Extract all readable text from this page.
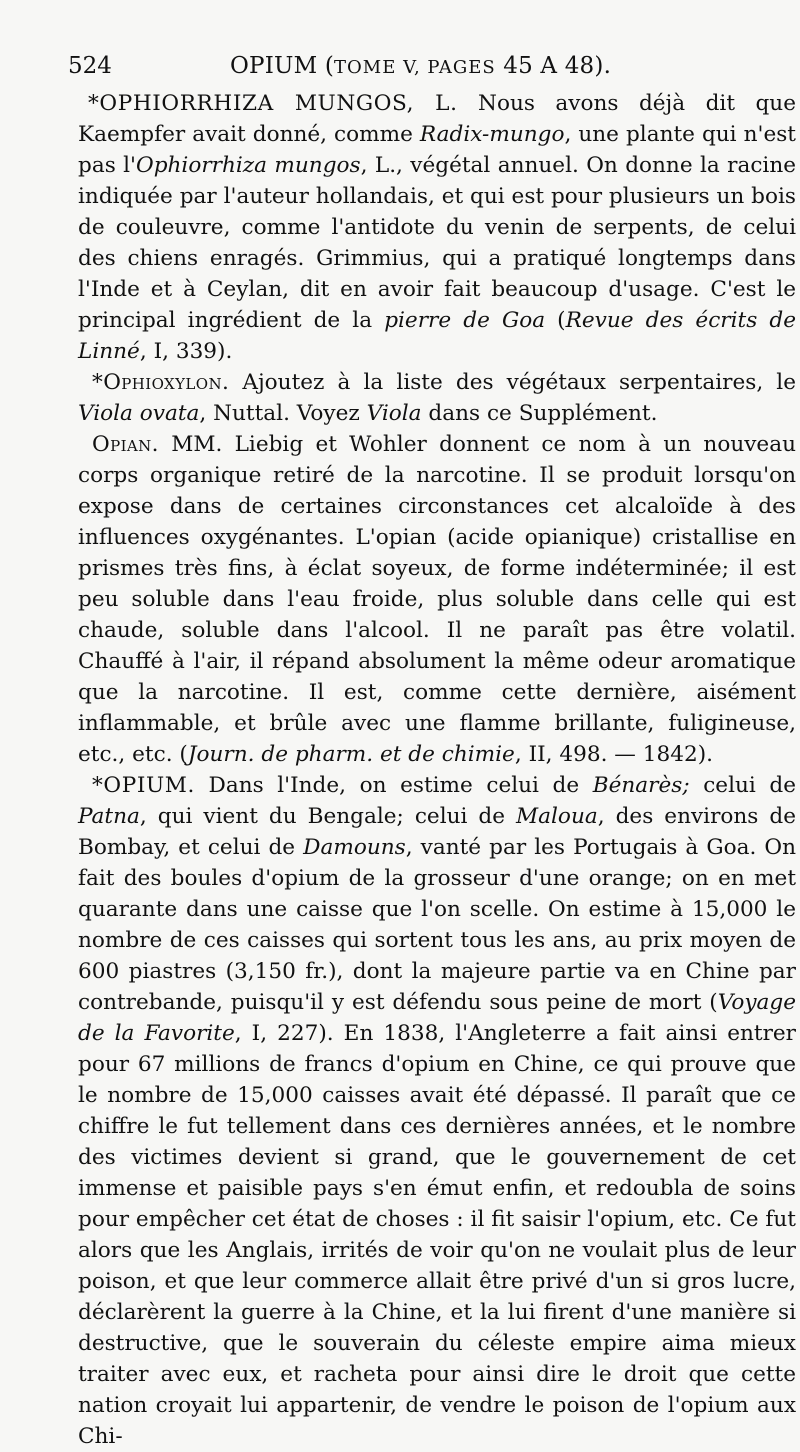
524	OPIUM (TOME V, PAGES 45 A 48).

*OPHIORRHIZA MUNGOS, L. Nous avons déjà dit que Kaempfer avait donné, comme Radix-mungo, une plante qui n'est pas l'Ophiorrhiza mungos, L., végétal annuel. On donne la racine indiquée par l'auteur hollandais, et qui est pour plusieurs un bois de couleuvre, comme l'antidote du venin de serpents, de celui des chiens enragés. Grimmius, qui a pratiqué longtemps dans l'Inde et à Ceylan, dit en avoir fait beaucoup d'usage. C'est le principal ingrédient de la pierre de Goa (Revue des écrits de Linné, I, 339).

*Ophioxylon. Ajoutez à la liste des végétaux serpentaires, le Viola ovata, Nuttal. Voyez Viola dans ce Supplément.

Opian. MM. Liebig et Wohler donnent ce nom à un nouveau corps organique retiré de la narcotine. Il se produit lorsqu'on expose dans de certaines circonstances cet alcaloïde à des influences oxygénantes. L'opian (acide opianique) cristallise en prismes très fins, à éclat soyeux, de forme indéterminée; il est peu soluble dans l'eau froide, plus soluble dans celle qui est chaude, soluble dans l'alcool. Il ne paraît pas être volatil. Chauffé à l'air, il répand absolument la même odeur aromatique que la narcotine. Il est, comme cette dernière, aisément inflammable, et brûle avec une flamme brillante, fuligineuse, etc., etc. (Journ. de pharm. et de chimie, II, 498. — 1842).

*OPIUM. Dans l'Inde, on estime celui de Bénarès; celui de Patna, qui vient du Bengale; celui de Maloua, des environs de Bombay, et celui de Damouns, vanté par les Portugais à Goa. On fait des boules d'opium de la grosseur d'une orange; on en met quarante dans une caisse que l'on scelle. On estime à 15,000 le nombre de ces caisses qui sortent tous les ans, au prix moyen de 600 piastres (3,150 fr.), dont la majeure partie va en Chine par contrebande, puisqu'il y est défendu sous peine de mort (Voyage de la Favorite, I, 227). En 1838, l'Angleterre a fait ainsi entrer pour 67 millions de francs d'opium en Chine, ce qui prouve que le nombre de 15,000 caisses avait été dépassé. Il paraît que ce chiffre le fut tellement dans ces dernières années, et le nombre des victimes devient si grand, que le gouvernement de cet immense et paisible pays s'en émut enfin, et redoubla de soins pour empêcher cet état de choses : il fit saisir l'opium, etc. Ce fut alors que les Anglais, irrités de voir qu'on ne voulait plus de leur poison, et que leur commerce allait être privé d'un si gros lucre, déclarèrent la guerre à la Chine, et la lui firent d'une manière si destructive, que le souverain du céleste empire aima mieux traiter avec eux, et racheta pour ainsi dire le droit que cette nation croyait lui appartenir, de vendre le poison de l'opium aux Chi-
